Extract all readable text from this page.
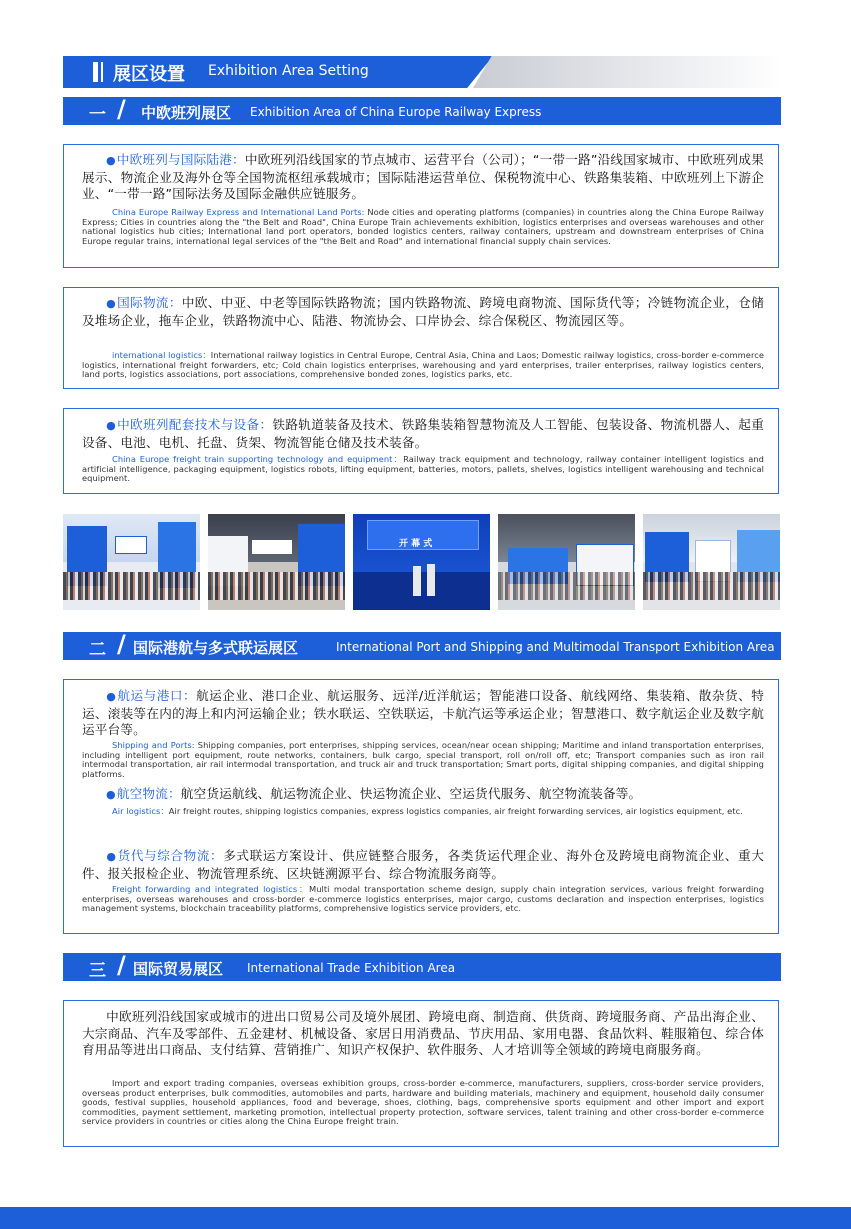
展区设置 Exhibition Area Setting
一 / 中欧班列展区 Exhibition Area of China Europe Railway Express
●中欧班列与国际陆港：中欧班列沿线国家的节点城市、运营平台（公司）；“一带一路”沿线国家城市、中欧班列成果展示、物流企业及海外仓等全国物流枢纽承载城市；国际陆港运营单位、保税物流中心、铁路集装箱、中欧班列上下游企业、“一带一路”国际法务及国际金融供应链服务。
China Europe Railway Express and International Land Ports: Node cities and operating platforms (companies) in countries along the China Europe Railway Express; Cities in countries along the "the Belt and Road", China Europe Train achievements exhibition, logistics enterprises and overseas warehouses and other national logistics hub cities; International land port operators, bonded logistics centers, railway containers, upstream and downstream enterprises of China Europe regular trains, international legal services of the "the Belt and Road" and international financial supply chain services.
●国际物流：中欧、中亚、中老等国际铁路物流；国内铁路物流、跨境电商物流、国际货代等；冷链物流企业，仓储及堆场企业，拖车企业，铁路物流中心、陆港、物流协会、口岸协会、综合保税区、物流园区等。
international logistics：International railway logistics in Central Europe, Central Asia, China and Laos; Domestic railway logistics, cross-border e-commerce logistics, international freight forwarders, etc; Cold chain logistics enterprises, warehousing and yard enterprises, trailer enterprises, railway logistics centers, land ports, logistics associations, port associations, comprehensive bonded zones, logistics parks, etc.
●中欧班列配套技术与设备：铁路轨道装备及技术、铁路集装箱智慧物流及人工智能、包装设备、物流机器人、起重设备、电池、电机、托盘、货架、物流智能仓储及技术装备。
China Europe freight train supporting technology and equipment：Railway track equipment and technology, railway container intelligent logistics and artificial intelligence, packaging equipment, logistics robots, lifting equipment, batteries, motors, pallets, shelves, logistics intelligent warehousing and technical equipment.
开 幕 式
二 / 国际港航与多式联运展区	International Port and Shipping and Multimodal Transport Exhibition Area
●航运与港口：航运企业、港口企业、航运服务、远洋/近洋航运；智能港口设备、航线网络、集装箱、散杂货、特运、滚装等在内的海上和内河运输企业；铁水联运、空铁联运，卡航汽运等承运企业；智慧港口、数字航运企业及数字航运平台等。
Shipping and Ports: Shipping companies, port enterprises, shipping services, ocean/near ocean shipping; Maritime and inland transportation enterprises, including intelligent port equipment, route networks, containers, bulk cargo, special transport, roll on/roll off, etc; Transport companies such as iron rail intermodal transportation, air rail intermodal transportation, and truck air and truck transportation; Smart ports, digital shipping companies, and digital shipping platforms.
●航空物流：航空货运航线、航运物流企业、快运物流企业、空运货代服务、航空物流装备等。
Air logistics：Air freight routes, shipping logistics companies, express logistics companies, air freight forwarding services, air logistics equipment, etc.
●货代与综合物流：多式联运方案设计、供应链整合服务，各类货运代理企业、海外仓及跨境电商物流企业、重大件、报关报检企业、物流管理系统、区块链溯源平台、综合物流服务商等。
Freight forwarding and integrated logistics：Multi modal transportation scheme design, supply chain integration services, various freight forwarding enterprises, overseas warehouses and cross-border e-commerce logistics enterprises, major cargo, customs declaration and inspection enterprises, logistics management systems, blockchain traceability platforms, comprehensive logistics service providers, etc.
三 / 国际贸易展区 International Trade Exhibition Area
中欧班列沿线国家或城市的进出口贸易公司及境外展团、跨境电商、制造商、供货商、跨境服务商、产品出海企业、大宗商品、汽车及零部件、五金建材、机械设备、家居日用消费品、节庆用品、家用电器、食品饮料、鞋服箱包、综合体育用品等进出口商品、支付结算、营销推广、知识产权保护、软件服务、人才培训等全领域的跨境电商服务商。
Import and export trading companies, overseas exhibition groups, cross-border e-commerce, manufacturers, suppliers, cross-border service providers, overseas product enterprises, bulk commodities, automobiles and parts, hardware and building materials, machinery and equipment, household daily consumer goods, festival supplies, household appliances, food and beverage, shoes, clothing, bags, comprehensive sports equipment and other import and export commodities, payment settlement, marketing promotion, intellectual property protection, software services, talent training and other cross-border e-commerce service providers in countries or cities along the China Europe freight train.
